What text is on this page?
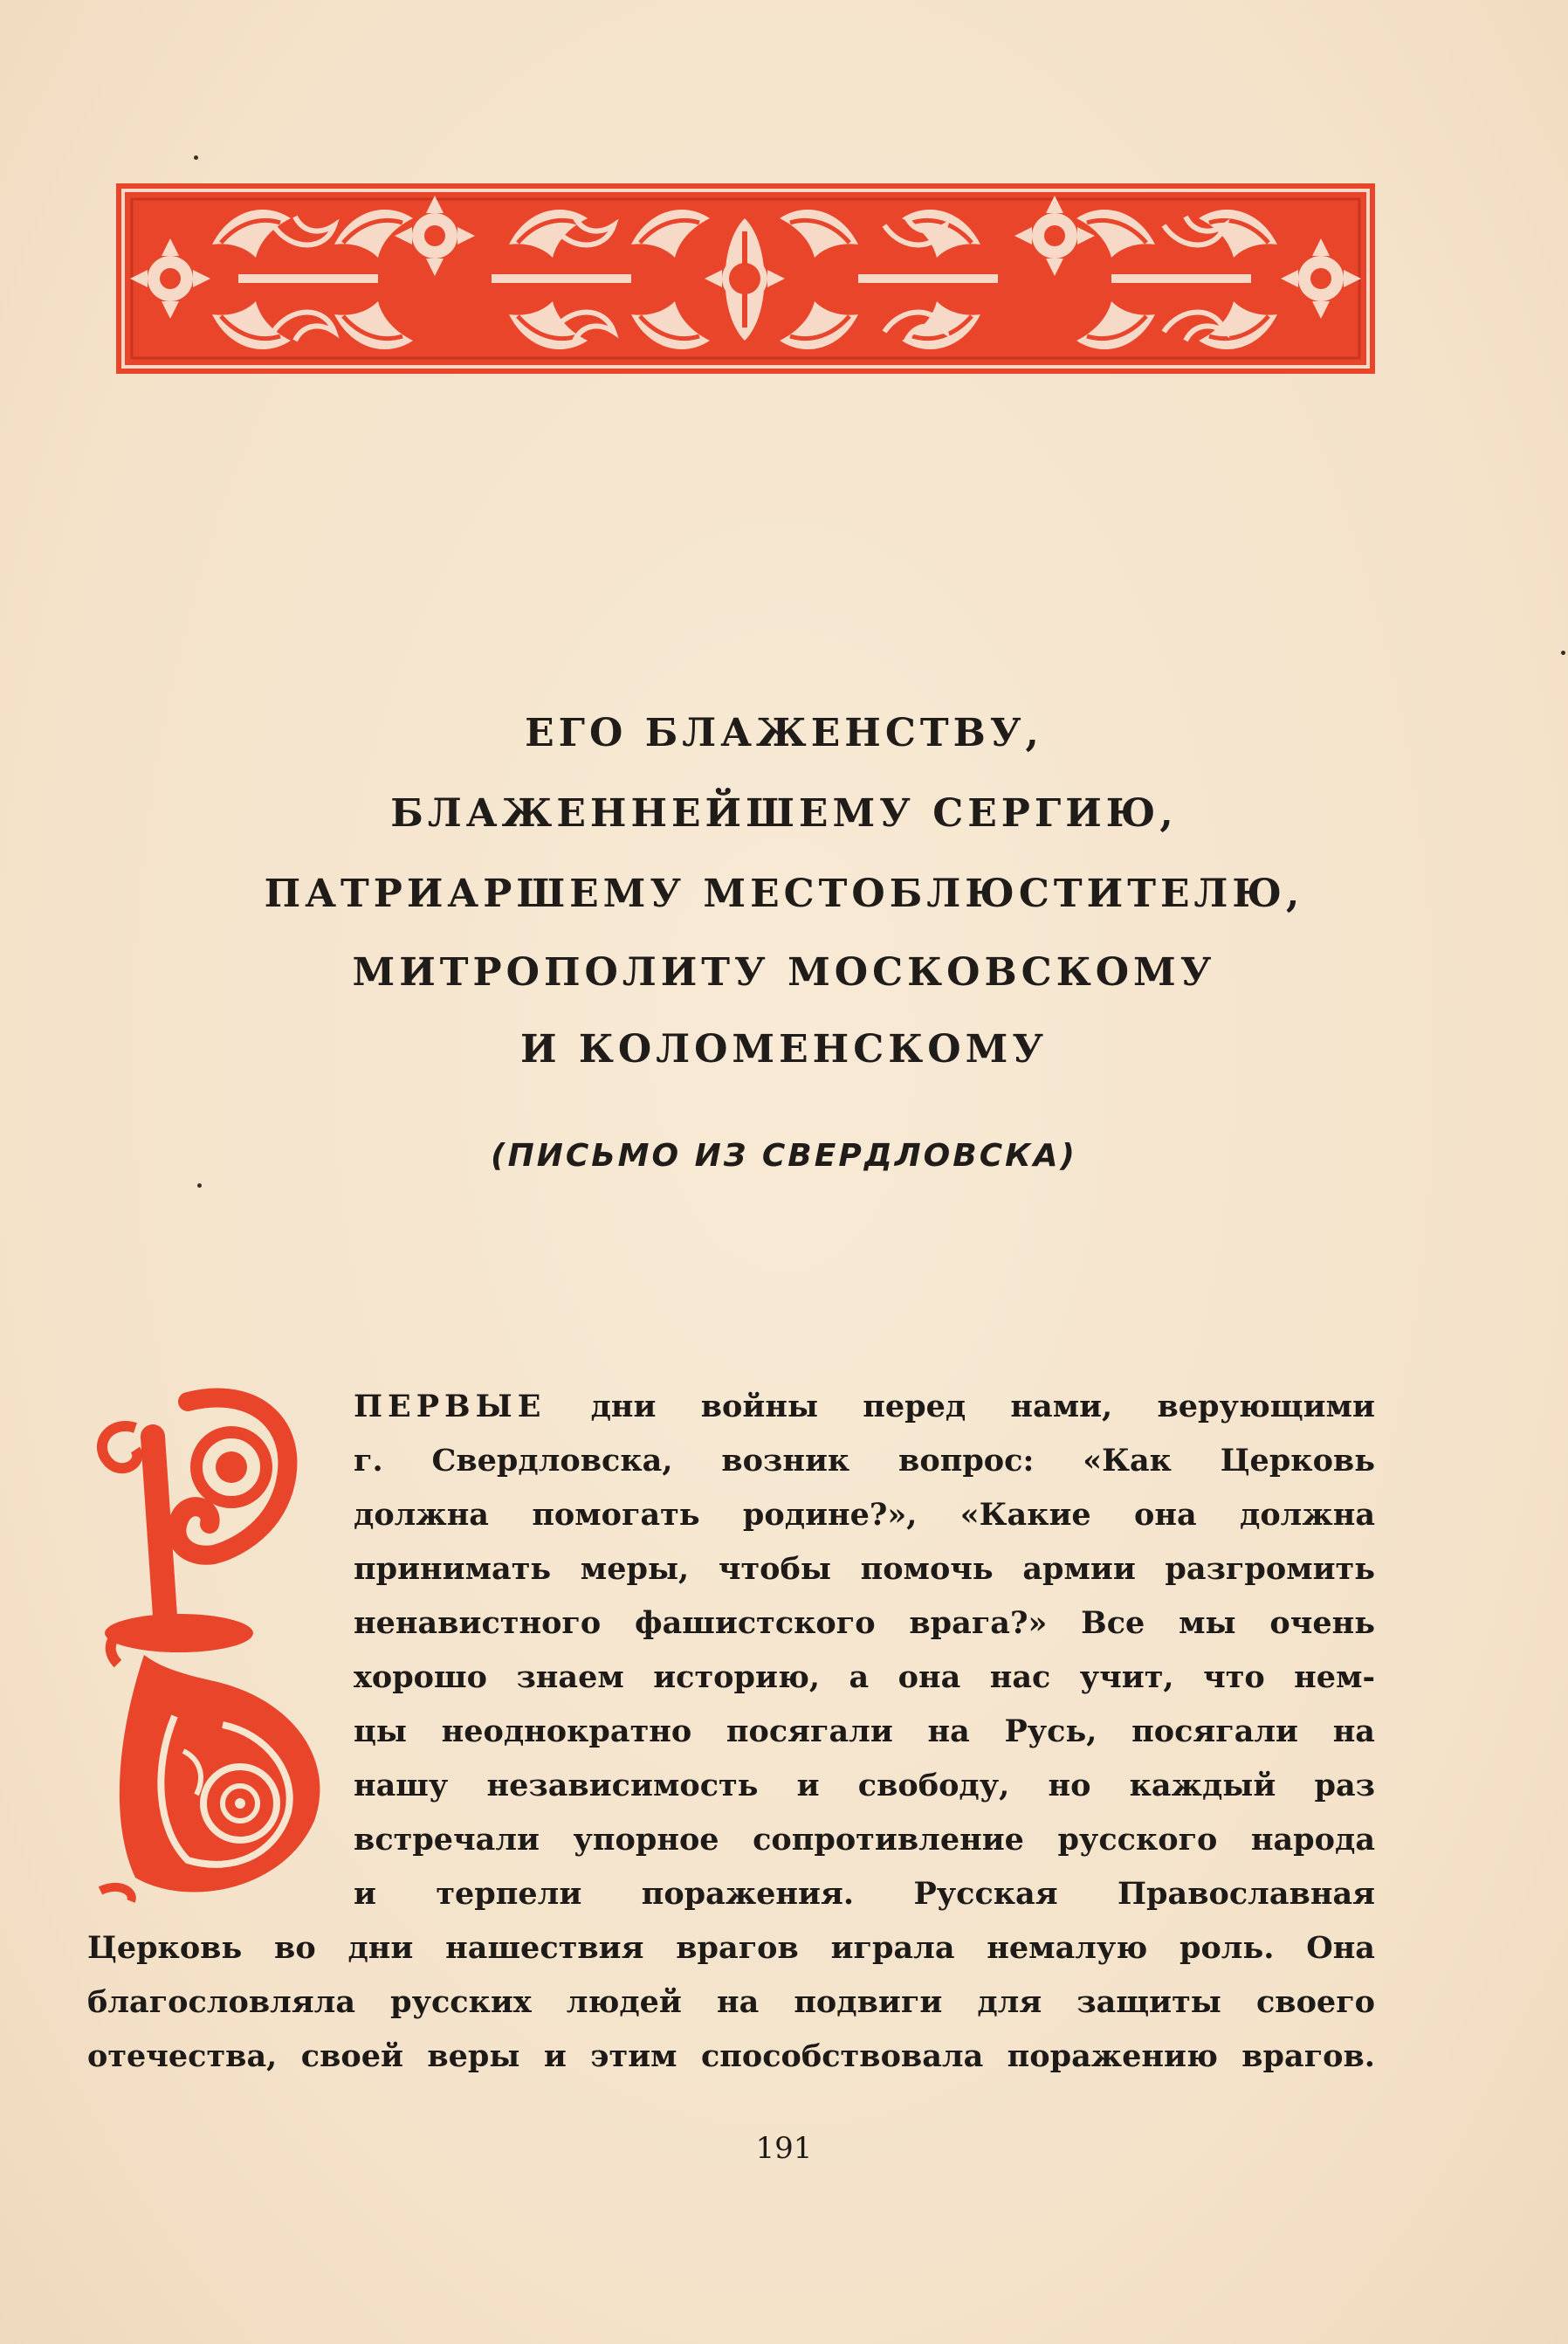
ЕГО БЛАЖЕНСТВУ,
БЛАЖЕННЕЙШЕМУ СЕРГИЮ,
ПАТРИАРШЕМУ МЕСТОБЛЮСТИТЕЛЮ,
МИТРОПОЛИТУ МОСКОВСКОМУ
И КОЛОМЕНСКОМУ
(ПИСЬМО ИЗ СВЕРДЛОВСКА)
В
ПЕРВЫЕ дни войны перед нами, верующими
г. Свердловска, возник вопрос: «Как Церковь
должна помогать родине?», «Какие она должна
принимать меры, чтобы помочь армии разгромить
ненавистного фашистского врага?» Все мы очень
хорошо знаем историю, а она нас учит, что нем-
цы неоднократно посягали на Русь, посягали на
нашу независимость и свободу, но каждый раз
встречали упорное сопротивление русского народа
и терпели поражения. Русская Православная
Церковь во дни нашествия врагов играла немалую роль. Она
благословляла русских людей на подвиги для защиты своего
отечества, своей веры и этим способствовала поражению врагов.
191
